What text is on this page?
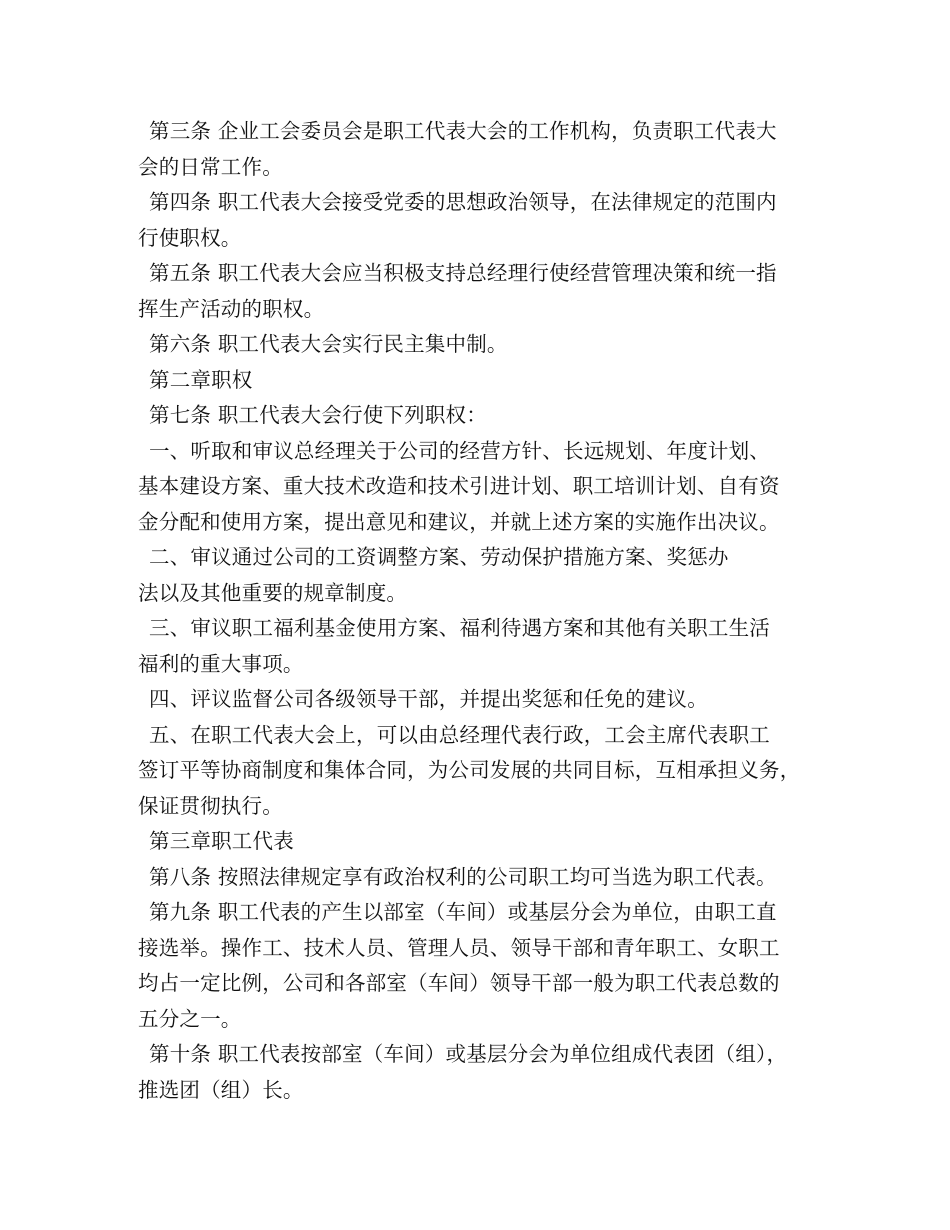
第三条 企业工会委员会是职工代表大会的工作机构，负责职工代表大
会的日常工作。
第四条 职工代表大会接受党委的思想政治领导，在法律规定的范围内
行使职权。
第五条 职工代表大会应当积极支持总经理行使经营管理决策和统一指
挥生产活动的职权。
第六条 职工代表大会实行民主集中制。
第二章职权
第七条 职工代表大会行使下列职权：
一、听取和审议总经理关于公司的经营方针、长远规划、年度计划、
基本建设方案、重大技术改造和技术引进计划、职工培训计划、自有资
金分配和使用方案，提出意见和建议，并就上述方案的实施作出决议。
二、审议通过公司的工资调整方案、劳动保护措施方案、奖惩办
法以及其他重要的规章制度。
三、审议职工福利基金使用方案、福利待遇方案和其他有关职工生活
福利的重大事项。
四、评议监督公司各级领导干部，并提出奖惩和任免的建议。
五、在职工代表大会上，可以由总经理代表行政，工会主席代表职工
签订平等协商制度和集体合同，为公司发展的共同目标，互相承担义务，
保证贯彻执行。
第三章职工代表
第八条 按照法律规定享有政治权利的公司职工均可当选为职工代表。
第九条 职工代表的产生以部室（车间）或基层分会为单位，由职工直
接选举。操作工、技术人员、管理人员、领导干部和青年职工、女职工
均占一定比例，公司和各部室（车间）领导干部一般为职工代表总数的
五分之一。
第十条 职工代表按部室（车间）或基层分会为单位组成代表团（组），
推选团（组）长。
